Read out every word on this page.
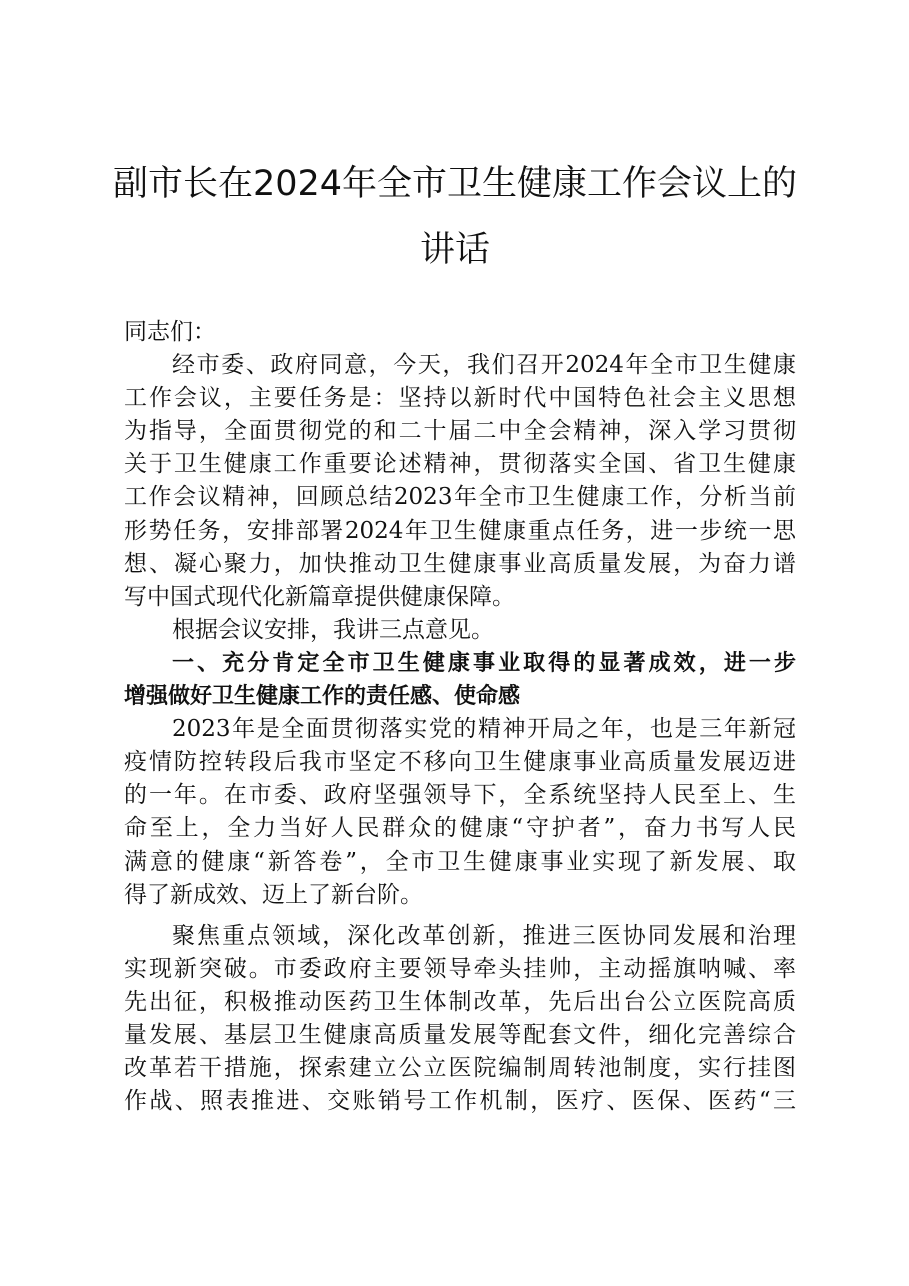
副市长在2024年全市卫生健康工作会议上的
讲话
同志们：
经市委、政府同意，今天，我们召开2024年全市卫生健康
工作会议，主要任务是：坚持以新时代中国特色社会主义思想
为指导，全面贯彻党的和二十届二中全会精神，深入学习贯彻
关于卫生健康工作重要论述精神，贯彻落实全国、省卫生健康
工作会议精神，回顾总结2023年全市卫生健康工作，分析当前
形势任务，安排部署2024年卫生健康重点任务，进一步统一思
想、凝心聚力，加快推动卫生健康事业高质量发展，为奋力谱
写中国式现代化新篇章提供健康保障。
根据会议安排，我讲三点意见。
一、充分肯定全市卫生健康事业取得的显著成效，进一步
增强做好卫生健康工作的责任感、使命感
2023年是全面贯彻落实党的精神开局之年，也是三年新冠
疫情防控转段后我市坚定不移向卫生健康事业高质量发展迈进
的一年。在市委、政府坚强领导下，全系统坚持人民至上、生
命至上，全力当好人民群众的健康“守护者”，奋力书写人民
满意的健康“新答卷”，全市卫生健康事业实现了新发展、取
得了新成效、迈上了新台阶。
聚焦重点领域，深化改革创新，推进三医协同发展和治理
实现新突破。市委政府主要领导牵头挂帅，主动摇旗呐喊、率
先出征，积极推动医药卫生体制改革，先后出台公立医院高质
量发展、基层卫生健康高质量发展等配套文件，细化完善综合
改革若干措施，探索建立公立医院编制周转池制度，实行挂图
作战、照表推进、交账销号工作机制，医疗、医保、医药“三
